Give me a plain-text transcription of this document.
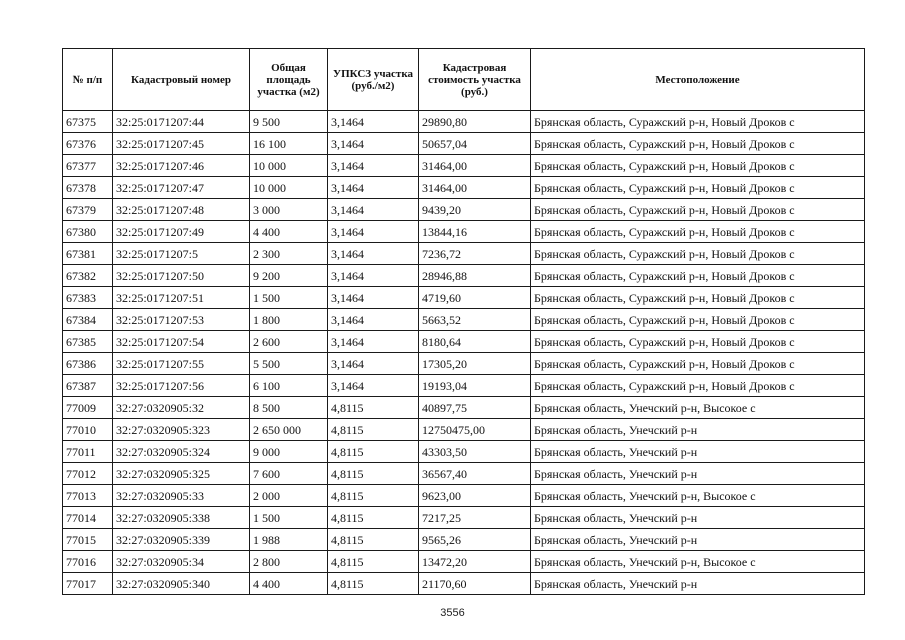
№ п/п	Кадастровый номер	Общая площадь участка (м2)	УПКСЗ участка (руб./м2)	Кадастровая стоимость участка (руб.)	Местоположение
67375	32:25:0171207:44	9 500	3,1464	29890,80	Брянская область, Суражский р-н, Новый Дроков с
67376	32:25:0171207:45	16 100	3,1464	50657,04	Брянская область, Суражский р-н, Новый Дроков с
67377	32:25:0171207:46	10 000	3,1464	31464,00	Брянская область, Суражский р-н, Новый Дроков с
67378	32:25:0171207:47	10 000	3,1464	31464,00	Брянская область, Суражский р-н, Новый Дроков с
67379	32:25:0171207:48	3 000	3,1464	9439,20	Брянская область, Суражский р-н, Новый Дроков с
67380	32:25:0171207:49	4 400	3,1464	13844,16	Брянская область, Суражский р-н, Новый Дроков с
67381	32:25:0171207:5	2 300	3,1464	7236,72	Брянская область, Суражский р-н, Новый Дроков с
67382	32:25:0171207:50	9 200	3,1464	28946,88	Брянская область, Суражский р-н, Новый Дроков с
67383	32:25:0171207:51	1 500	3,1464	4719,60	Брянская область, Суражский р-н, Новый Дроков с
67384	32:25:0171207:53	1 800	3,1464	5663,52	Брянская область, Суражский р-н, Новый Дроков с
67385	32:25:0171207:54	2 600	3,1464	8180,64	Брянская область, Суражский р-н, Новый Дроков с
67386	32:25:0171207:55	5 500	3,1464	17305,20	Брянская область, Суражский р-н, Новый Дроков с
67387	32:25:0171207:56	6 100	3,1464	19193,04	Брянская область, Суражский р-н, Новый Дроков с
77009	32:27:0320905:32	8 500	4,8115	40897,75	Брянская область, Унечский р-н, Высокое с
77010	32:27:0320905:323	2 650 000	4,8115	12750475,00	Брянская область, Унечский р-н
77011	32:27:0320905:324	9 000	4,8115	43303,50	Брянская область, Унечский р-н
77012	32:27:0320905:325	7 600	4,8115	36567,40	Брянская область, Унечский р-н
77013	32:27:0320905:33	2 000	4,8115	9623,00	Брянская область, Унечский р-н, Высокое с
77014	32:27:0320905:338	1 500	4,8115	7217,25	Брянская область, Унечский р-н
77015	32:27:0320905:339	1 988	4,8115	9565,26	Брянская область, Унечский р-н
77016	32:27:0320905:34	2 800	4,8115	13472,20	Брянская область, Унечский р-н, Высокое с
77017	32:27:0320905:340	4 400	4,8115	21170,60	Брянская область, Унечский р-н
3556
